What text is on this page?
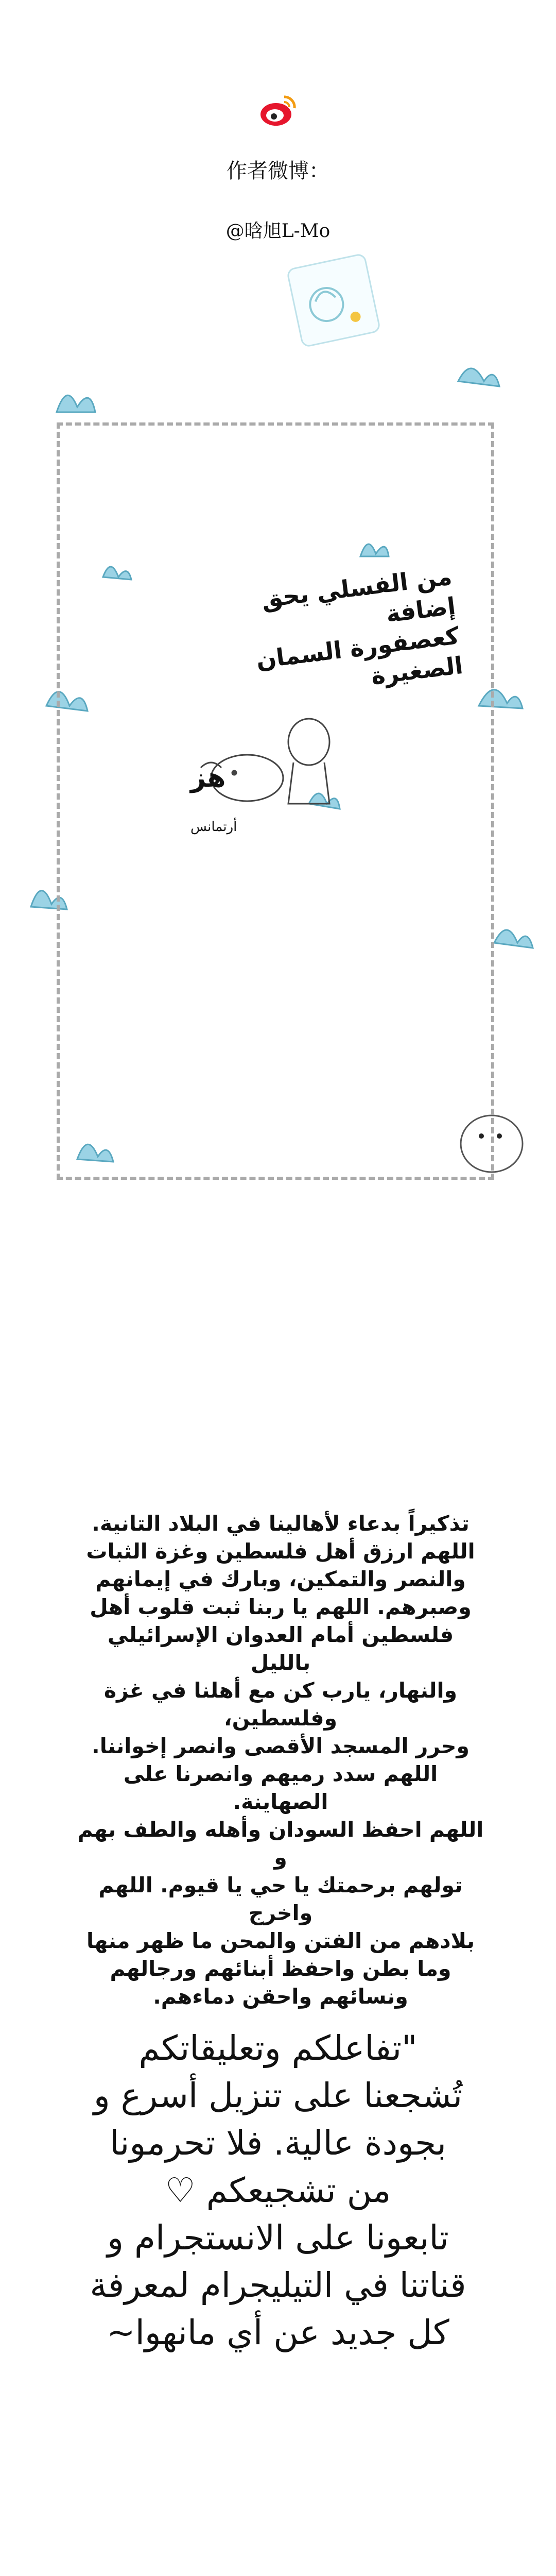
作者微博：
@晗旭L-Mo
من الفسلي يحق إضافة
كعصفورة السمان الصغيرة
هز
أرتمانس
تذكيراً بدعاء لأهالينا في البلاد التانية.
اللهم ارزق أهل فلسطين وغزة الثبات
والنصر والتمكين، وبارك في إيمانهم
وصبرهم. اللهم يا ربنا ثبت قلوب أهل
فلسطين أمام العدوان الإسرائيلي بالليل
والنهار، يارب كن مع أهلنا في غزة وفلسطين،
وحرر المسجد الأقصى وانصر إخواننا.
اللهم سدد رميهم وانصرنا على الصهاينة.
اللهم احفظ السودان وأهله والطف بهم و
تولهم برحمتك يا حي يا قيوم. اللهم واخرج
بلادهم من الفتن والمحن ما ظهر منها
وما بطن واحفظ أبنائهم ورجالهم
ونسائهم واحقن دماءهم.
"تفاعلكم وتعليقاتكم
تُشجعنا على تنزيل أسرع و
بجودة عالية. فلا تحرمونا
من تشجيعكم ♡
تابعونا على الانستجرام و
قناتنا في التيليجرام لمعرفة
كل جديد عن أي مانهوا~
